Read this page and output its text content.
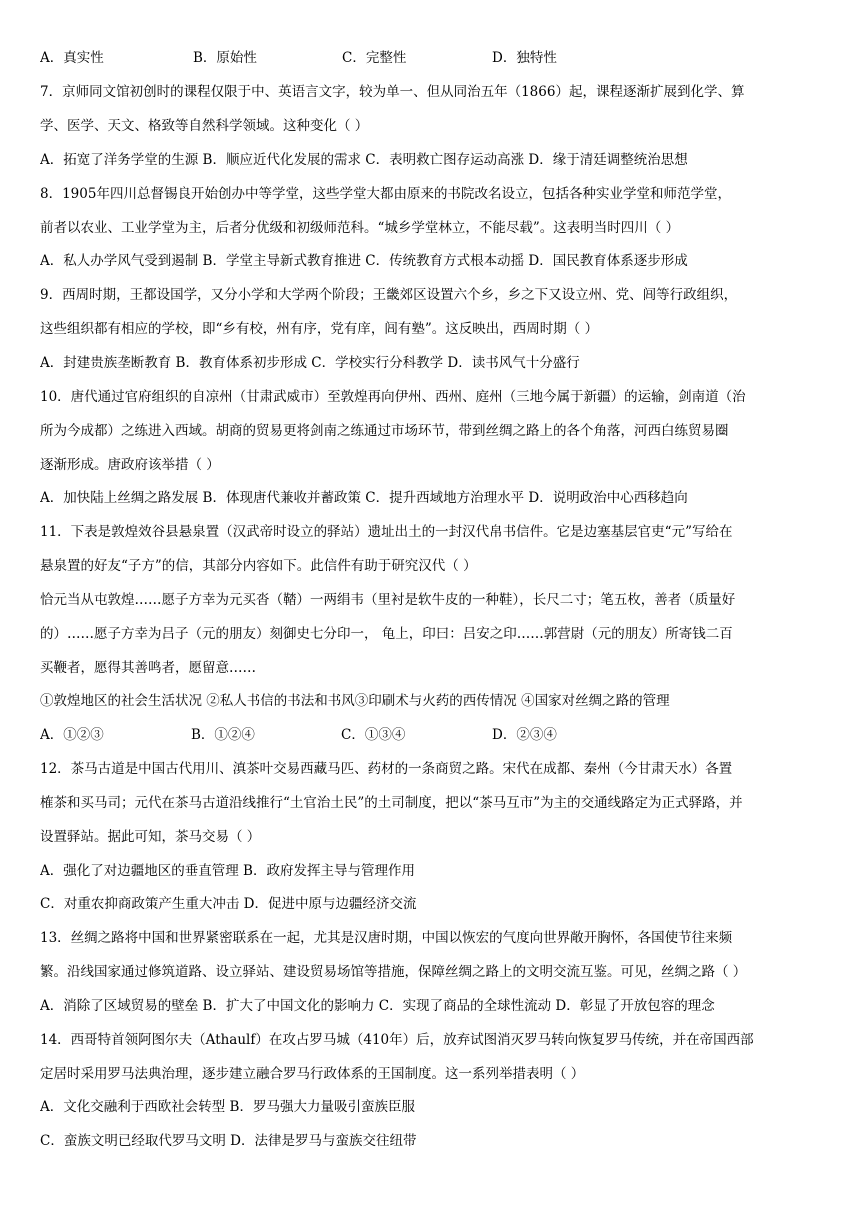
A．真实性	B．原始性	C．完整性	D．独特性
7．京师同文馆初创时的课程仅限于中、英语言文字，较为单一、但从同治五年（1866）起，课程逐渐扩展到化学、算
学、医学、天文、格致等自然科学领域。这种变化（ ）
A．拓宽了洋务学堂的生源 B．顺应近代化发展的需求 C．表明救亡图存运动高涨 D．缘于清廷调整统治思想
8．1905年四川总督锡良开始创办中等学堂，这些学堂大都由原来的书院改名设立，包括各种实业学堂和师范学堂，
前者以农业、工业学堂为主，后者分优级和初级师范科。“城乡学堂林立，不能尽载”。这表明当时四川（ ）
A．私人办学风气受到遏制 B．学堂主导新式教育推进 C．传统教育方式根本动摇 D．国民教育体系逐步形成
9．西周时期，王都设国学，又分小学和大学两个阶段；王畿郊区设置六个乡，乡之下又设立州、党、闾等行政组织，
这些组织都有相应的学校，即“乡有校，州有序，党有庠，闾有塾”。这反映出，西周时期（ ）
A．封建贵族垄断教育 B．教育体系初步形成 C．学校实行分科教学 D．读书风气十分盛行
10．唐代通过官府组织的自凉州（甘肃武威市）至敦煌再向伊州、西州、庭州（三地今属于新疆）的运输，剑南道（治
所为今成都）之练进入西域。胡商的贸易更将剑南之练通过市场环节，带到丝绸之路上的各个角落，河西白练贸易圈
逐渐形成。唐政府该举措（ ）
A．加快陆上丝绸之路发展 B．体现唐代兼收并蓄政策 C．提升西域地方治理水平 D．说明政治中心西移趋向
11．下表是敦煌效谷县悬泉置（汉武帝时设立的驿站）遗址出土的一封汉代帛书信件。它是边塞基层官吏“元”写给在
悬泉置的好友“子方”的信，其部分内容如下。此信件有助于研究汉代（ ）
恰元当从屯敦煌……愿子方幸为元买沓（鞜）一两绢韦（里衬是软牛皮的一种鞋），长尺二寸；笔五枚，善者（质量好
的）……愿子方幸为吕子（元的朋友）刻御史七分印一， 龟上，印曰：吕安之印……郭营尉（元的朋友）所寄钱二百
买鞭者，愿得其善鸣者，愿留意……
①敦煌地区的社会生活状况 ②私人书信的书法和书风③印刷术与火药的西传情况 ④国家对丝绸之路的管理
A．①②③	B．①②④	C．①③④	D．②③④
12．茶马古道是中国古代用川、滇茶叶交易西藏马匹、药材的一条商贸之路。宋代在成都、秦州（今甘肃天水）各置
榷茶和买马司；元代在茶马古道沿线推行“土官治土民”的土司制度，把以“茶马互市”为主的交通线路定为正式驿路，并
设置驿站。据此可知，茶马交易（ ）
A．强化了对边疆地区的垂直管理 B．政府发挥主导与管理作用
C．对重农抑商政策产生重大冲击 D．促进中原与边疆经济交流
13．丝绸之路将中国和世界紧密联系在一起，尤其是汉唐时期，中国以恢宏的气度向世界敞开胸怀，各国使节往来频
繁。沿线国家通过修筑道路、设立驿站、建设贸易场馆等措施，保障丝绸之路上的文明交流互鉴。可见，丝绸之路（ ）
A．消除了区域贸易的壁垒 B．扩大了中国文化的影响力 C．实现了商品的全球性流动 D．彰显了开放包容的理念
14．西哥特首领阿图尔夫（Athaulf）在攻占罗马城（410年）后，放弃试图消灭罗马转向恢复罗马传统，并在帝国西部
定居时采用罗马法典治理，逐步建立融合罗马行政体系的王国制度。这一系列举措表明（ ）
A．文化交融利于西欧社会转型 B．罗马强大力量吸引蛮族臣服
C．蛮族文明已经取代罗马文明 D．法律是罗马与蛮族交往纽带
